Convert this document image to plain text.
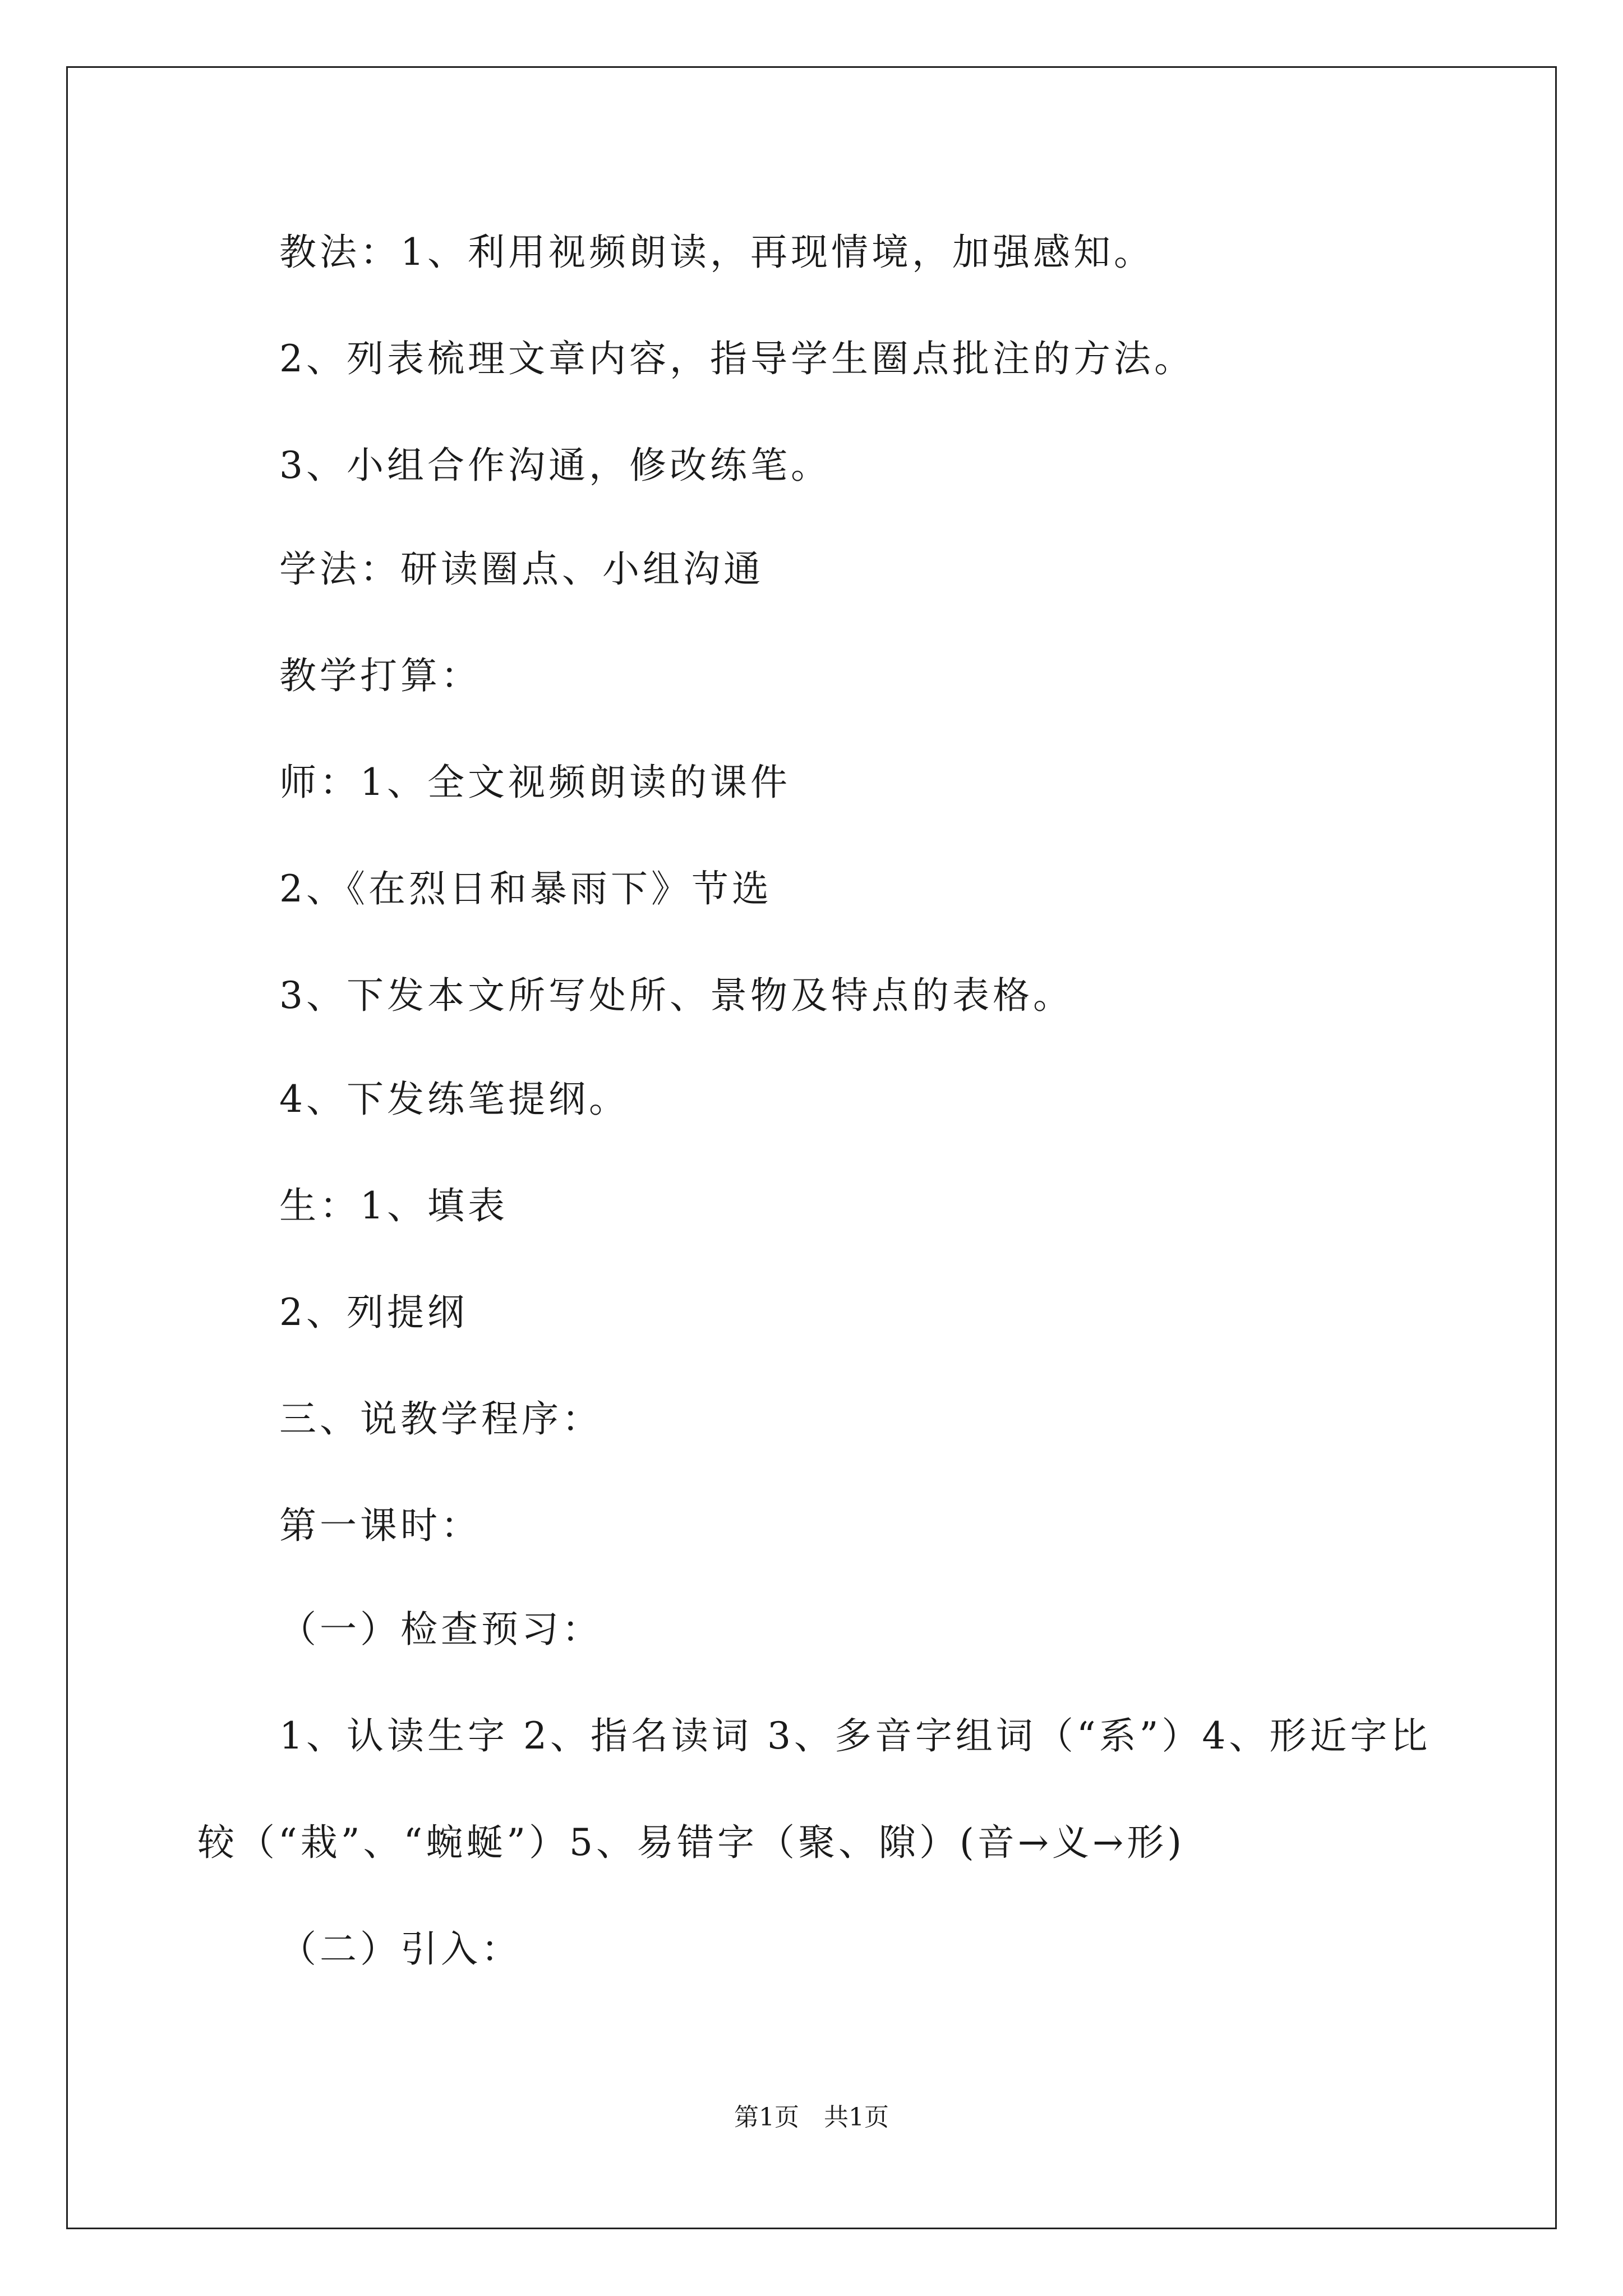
教法：1、利用视频朗读，再现情境，加强感知。

2、列表梳理文章内容，指导学生圈点批注的方法。

3、小组合作沟通，修改练笔。

学法：研读圈点、小组沟通

教学打算：

师：1、全文视频朗读的课件

2、《在烈日和暴雨下》节选

3、下发本文所写处所、景物及特点的表格。

4、下发练笔提纲。

生：1、填表

2、列提纲

三、说教学程序：

第一课时：

（一）检查预习：

1、认读生字 2、指名读词 3、多音字组词（“系”）4、形近字比

较（“栽”、“蜿蜒”）5、易错字（聚、隙）(音→义→形)

（二）引入：

第1页　共1页
